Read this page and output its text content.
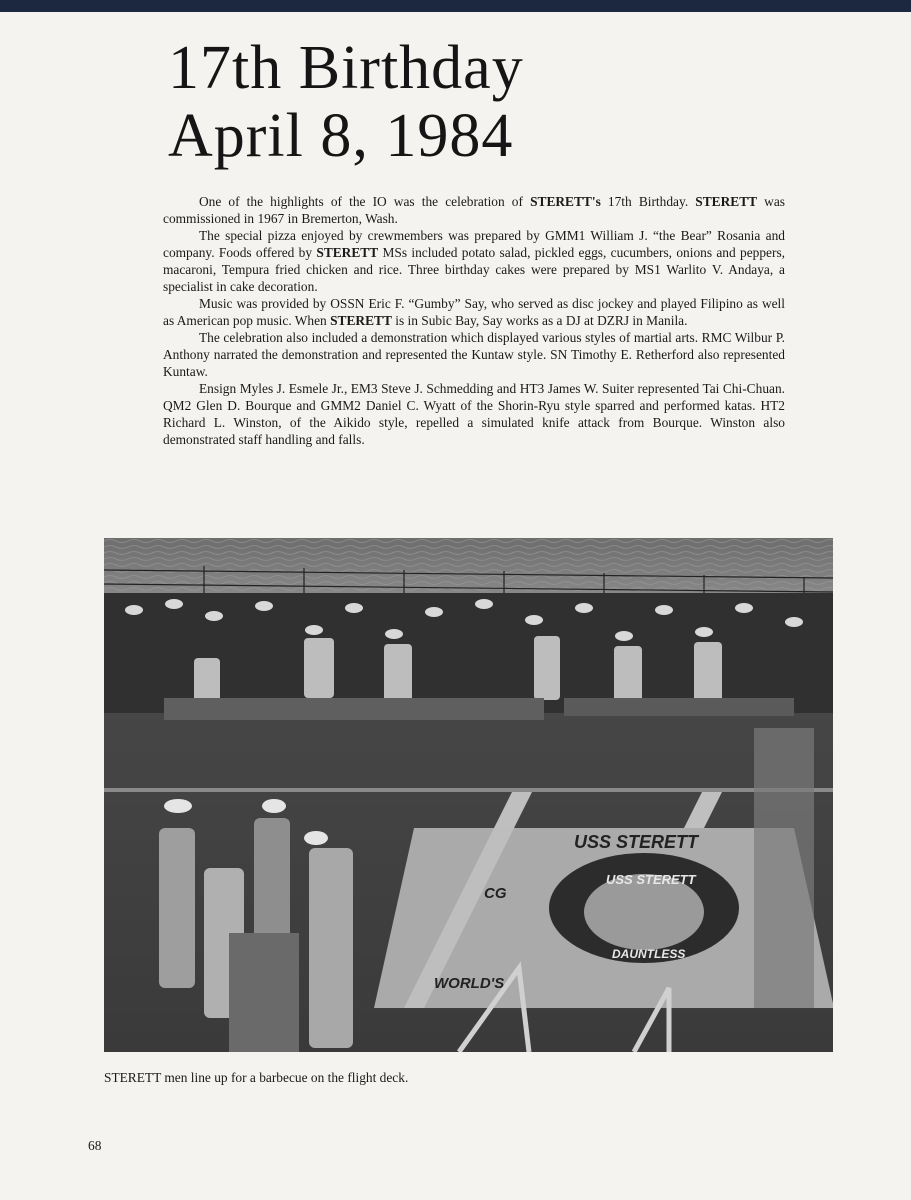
17th Birthday
April 8, 1984

One of the highlights of the IO was the celebration of STERETT's 17th Birthday. STERETT was commissioned in 1967 in Bremerton, Wash.

The special pizza enjoyed by crewmembers was prepared by GMM1 William J. “the Bear” Rosania and company. Foods offered by STERETT MSs included potato salad, pickled eggs, cucumbers, onions and peppers, macaroni, Tempura fried chicken and rice. Three birthday cakes were prepared by MS1 Warlito V. Andaya, a specialist in cake decoration.

Music was provided by OSSN Eric F. “Gumby” Say, who served as disc jockey and played Filipino as well as American pop music. When STERETT is in Subic Bay, Say works as a DJ at DZRJ in Manila.

The celebration also included a demonstration which displayed various styles of martial arts. RMC Wilbur P. Anthony narrated the demonstration and represented the Kuntaw style. SN Timothy E. Retherford also represented Kuntaw.

Ensign Myles J. Esmele Jr., EM3 Steve J. Schmedding and HT3 James W. Suiter represented Tai Chi-Chuan. QM2 Glen D. Bourque and GMM2 Daniel C. Wyatt of the Shorin-Ryu style sparred and performed katas. HT2 Richard L. Winston, of the Aikido style, repelled a simulated knife attack from Bourque. Winston also demonstrated staff handling and falls.

USS STERETT
CG
USS STERETT
DAUNTLESS
WORLD'S
STERETT men line up for a barbecue on the flight deck.
68
